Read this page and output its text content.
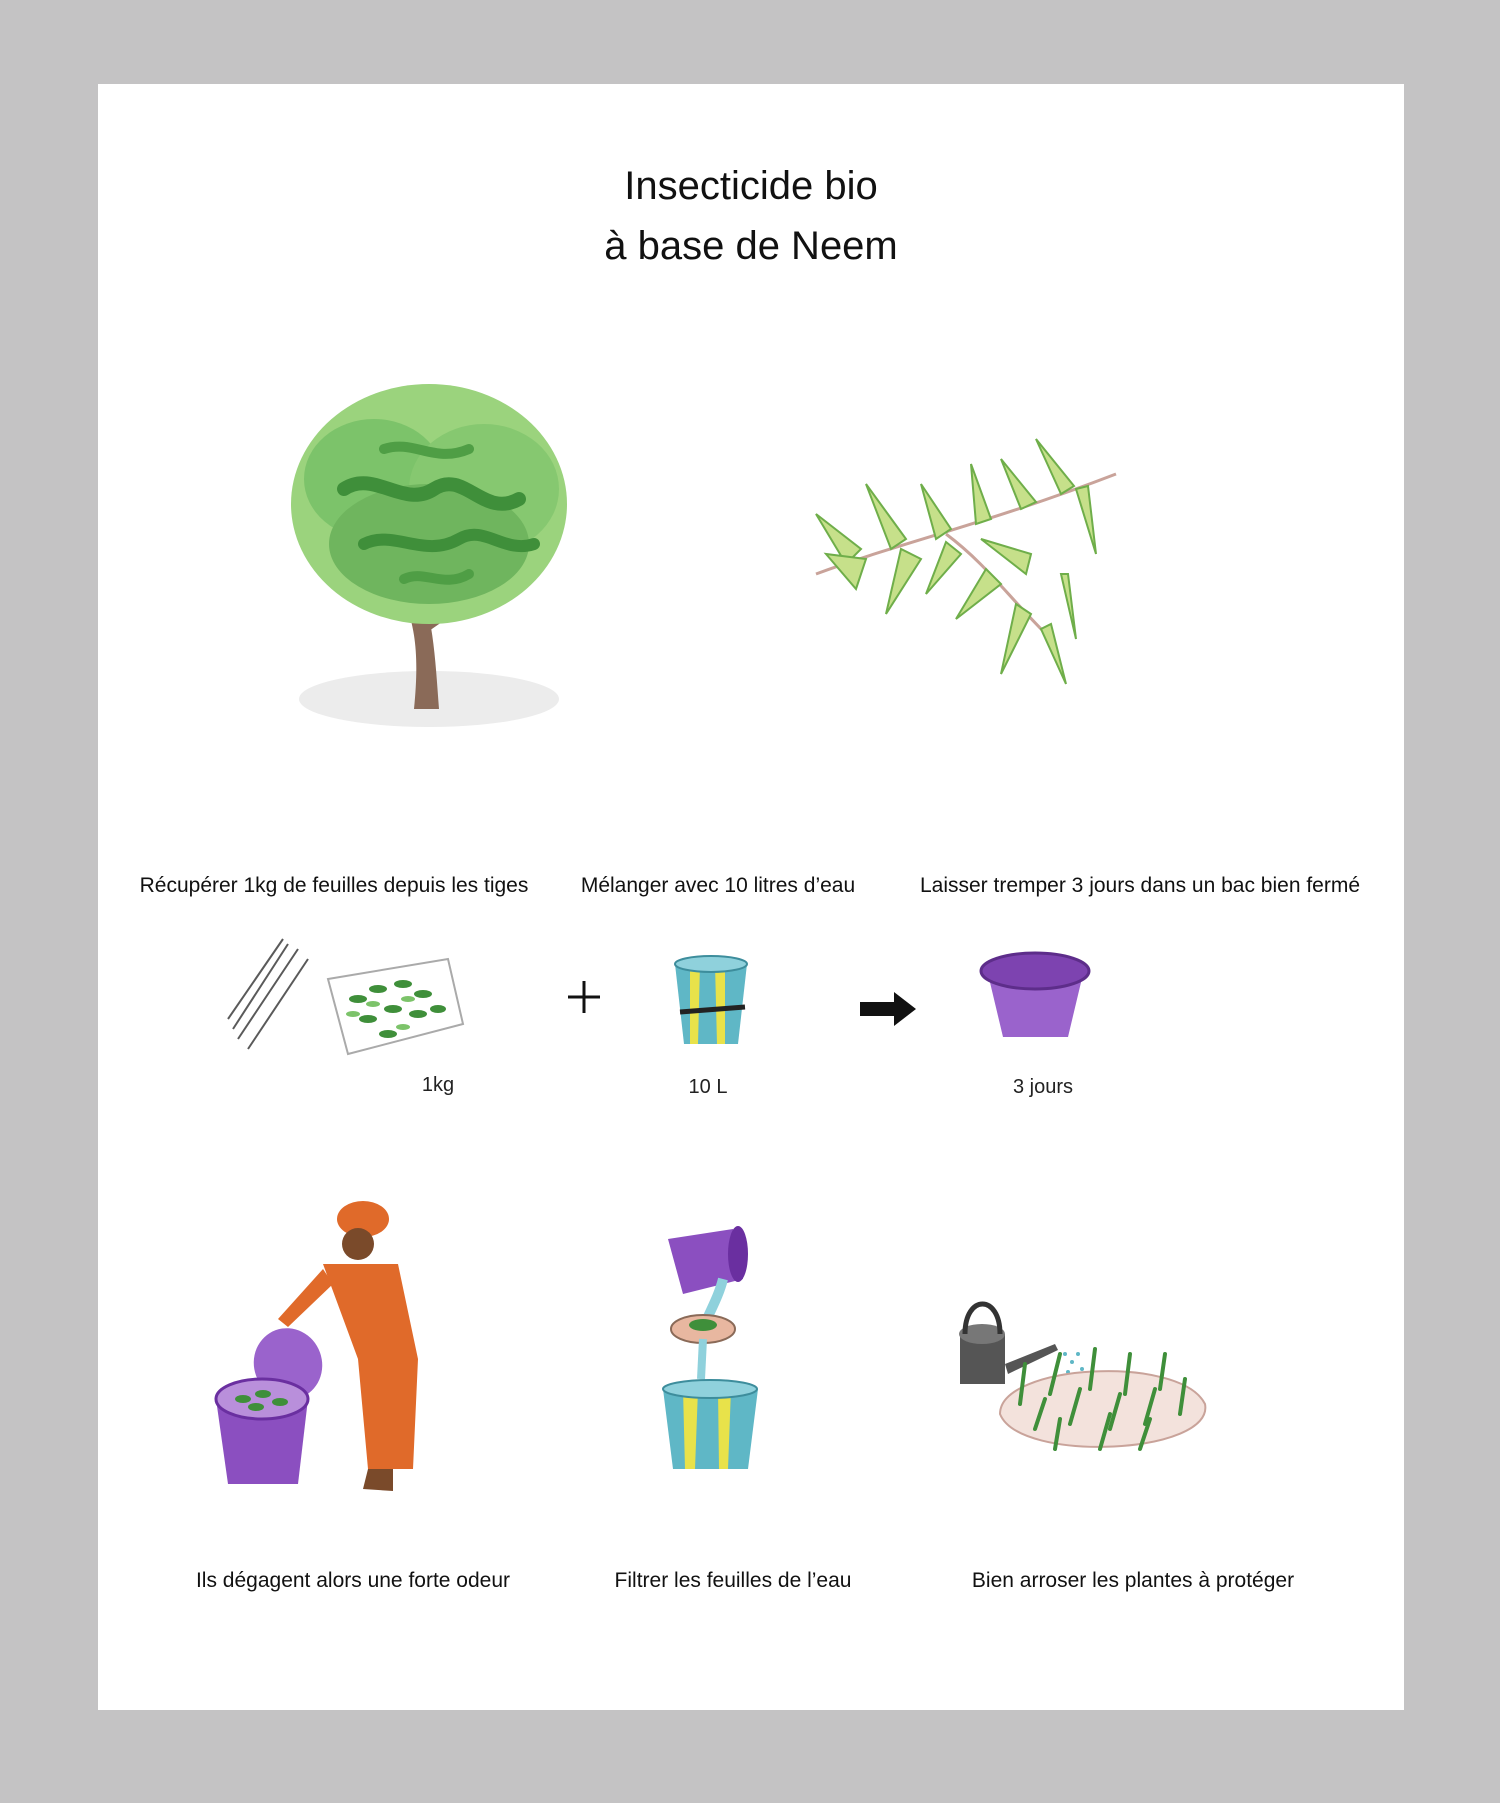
Insecticide bio
à base de Neem
Récupérer 1kg de feuilles depuis les tiges	Mélanger avec 10 litres d’eau	Laisser tremper 3 jours dans un bac bien fermé
1kg	10 L	3 jours
Ils dégagent alors une forte odeur	Filtrer les feuilles de l’eau	Bien arroser les plantes à protéger
